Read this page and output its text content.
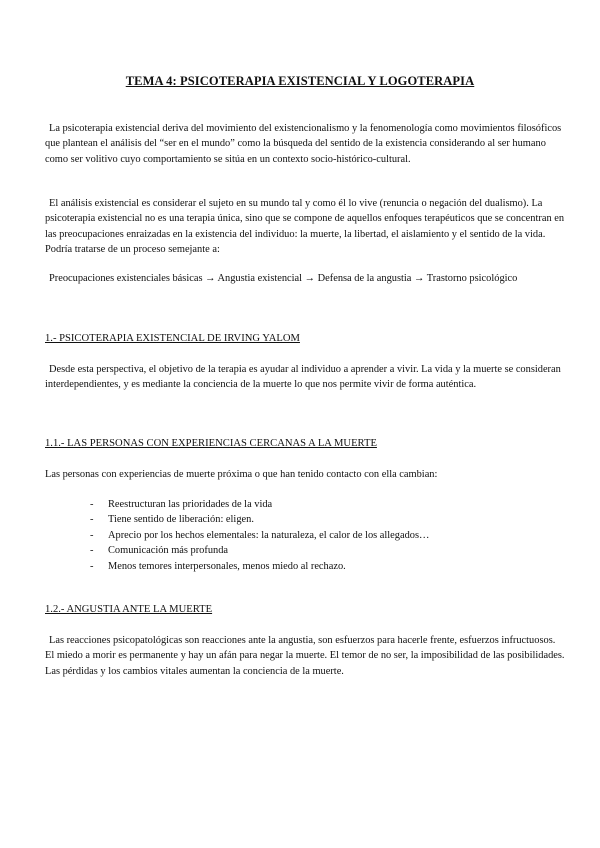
TEMA 4: PSICOTERAPIA EXISTENCIAL Y LOGOTERAPIA
La psicoterapia existencial deriva del movimiento del existencionalismo y la fenomenología como movimientos filosóficos que plantean el análisis del “ser en el mundo” como la búsqueda del sentido de la existencia considerando al ser humano como ser volitivo cuyo comportamiento se sitúa en un contexto socio-histórico-cultural.
El análisis existencial es considerar el sujeto en su mundo tal y como él lo vive (renuncia o negación del dualismo). La psicoterapia existencial no es una terapia única, sino que se compone de aquellos enfoques terapéuticos que se concentran en las preocupaciones enraizadas en la existencia del individuo: la muerte, la libertad, el aislamiento y el sentido de la vida. Podría tratarse de un proceso semejante a:
Preocupaciones existenciales básicas → Angustia existencial → Defensa de la angustia → Trastorno psicológico
1.- PSICOTERAPIA EXISTENCIAL DE IRVING YALOM
Desde esta perspectiva, el objetivo de la terapia es ayudar al individuo a aprender a vivir. La vida y la muerte se consideran interdependientes, y es mediante la conciencia de la muerte lo que nos permite vivir de forma auténtica.
1.1.- LAS PERSONAS CON EXPERIENCIAS CERCANAS A LA MUERTE
Las personas con experiencias de muerte próxima o que han tenido contacto con ella cambian:
- Reestructuran las prioridades de la vida
- Tiene sentido de liberación: eligen.
- Aprecio por los hechos elementales: la naturaleza, el calor de los allegados…
- Comunicación más profunda
- Menos temores interpersonales, menos miedo al rechazo.
1.2.- ANGUSTIA ANTE LA MUERTE
Las reacciones psicopatológicas son reacciones ante la angustia, son esfuerzos para hacerle frente, esfuerzos infructuosos. El miedo a morir es permanente y hay un afán para negar la muerte. El temor de no ser, la imposibilidad de las posibilidades. Las pérdidas y los cambios vitales aumentan la conciencia de la muerte.
